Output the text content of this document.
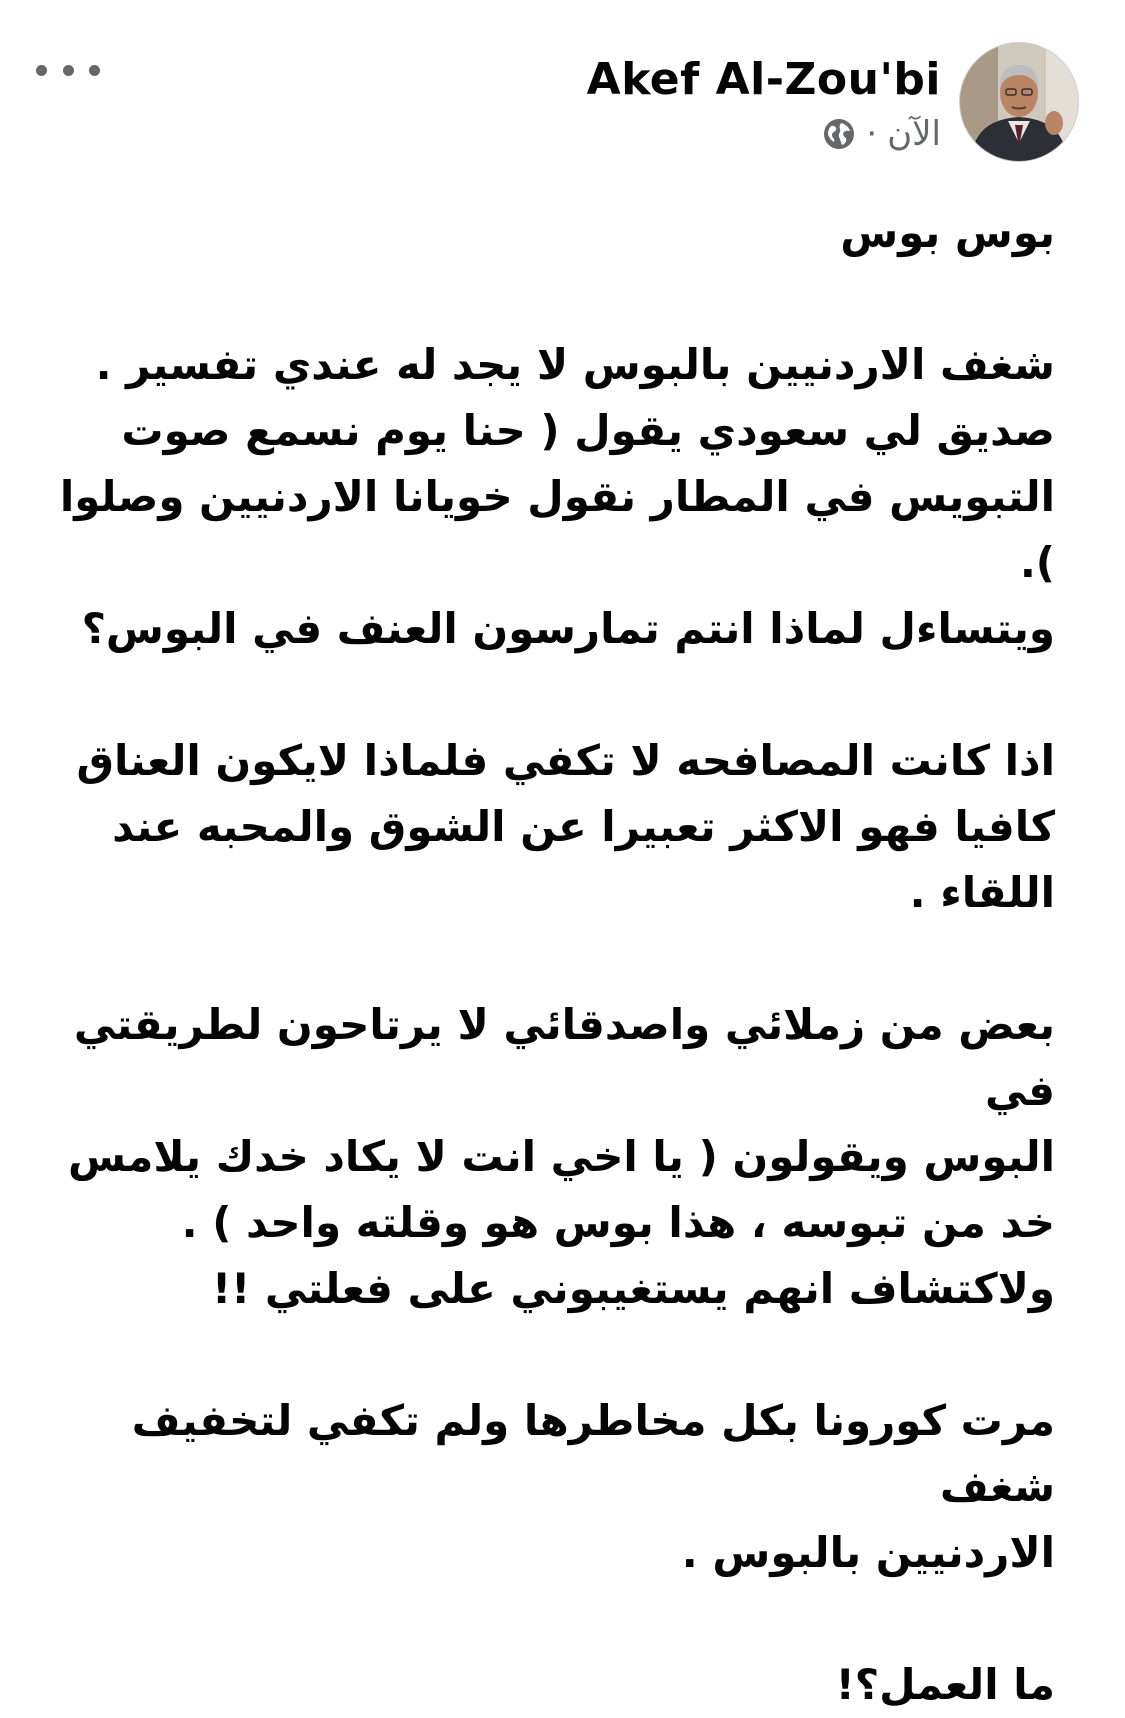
Akef Al-Zou'bi
الآن
·

بوس بوس

شغف الاردنيين بالبوس لا يجد له عندي تفسير .

صديق لي سعودي يقول ( حنا يوم نسمع صوت

التبويس في المطار نقول خويانا الاردنيين وصلوا ).

ويتساءل لماذا انتم تمارسون العنف في البوس؟

اذا كانت المصافحه لا تكفي فلماذا لايكون العناق

كافيا فهو الاكثر تعبيرا عن الشوق والمحبه عند

اللقاء .

بعض من زملائي واصدقائي لا يرتاحون لطريقتي في

البوس ويقولون ( يا اخي انت لا يكاد خدك يلامس

خد من تبوسه ، هذا بوس هو وقلته واحد ) .

ولاكتشاف انهم يستغيبوني على فعلتي !!

مرت كورونا بكل مخاطرها ولم تكفي لتخفيف شغف

الاردنيين بالبوس .

ما العمل؟!
